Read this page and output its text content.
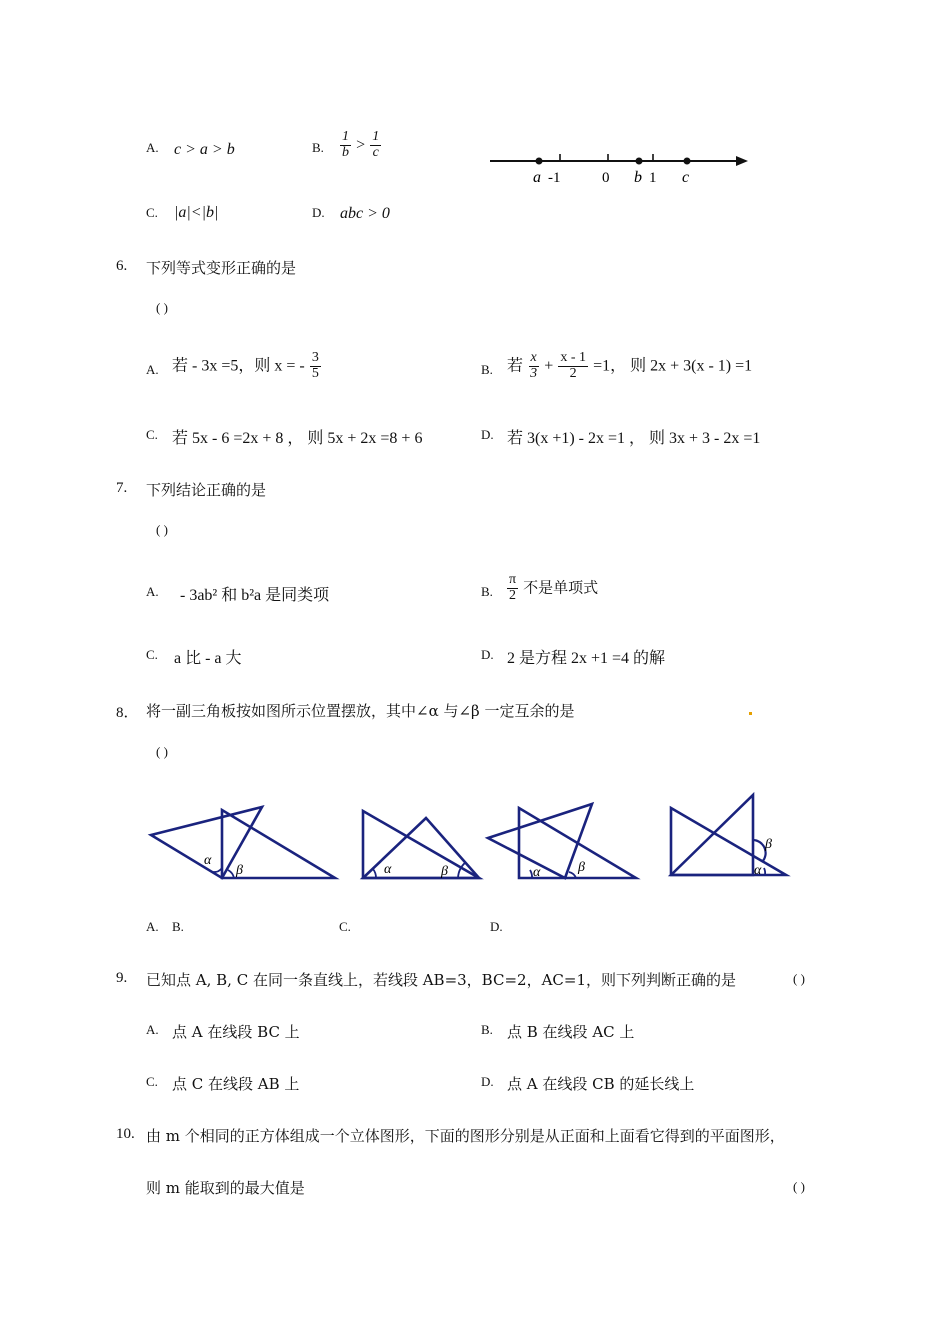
A. c > a > b	B. $\frac{1}{b} > \frac{1}{c}$
C. |a|<|b|	D. abc > 0
a -1	0 b 1 c
6. 下列等式变形正确的是
( )
A. 若 - 3x =5，则 x = - $\frac{3}{5}$	B. 若 $\frac{x}{3} + \frac{x - 1}{2} =1$， 则 2x + 3(x - 1) =1
C. 若 5x - 6 =2x + 8 ， 则 5x + 2x =8 + 6	D. 若 3(x +1) - 2x =1 ， 则 3x + 3 - 2x =1
7. 下列结论正确的是
( )
A. - 3ab² 和 b²a 是同类项	B. $\frac{\pi}{2}$ 不是单项式
C. a 比 - a 大	D. 2 是方程 2x +1 =4 的解
8． 将一副三角板按如图所示位置摆放，其中∠α 与∠β 一定互余的是
( )
α
β	α	β	α	β
β
α
A. B.	C.	D.
9. 已知点 A, B, C 在同一条直线上，若线段 AB=3，BC=2，AC=1，则下列判断正确的是	( )
A. 点 A 在线段 BC 上	B. 点 B 在线段 AC 上
C. 点 C 在线段 AB 上	D. 点 A 在线段 CB 的延长线上
10. 由 m 个相同的正方体组成一个立体图形，下面的图形分别是从正面和上面看它得到的平面图形，
则 m 能取到的最大值是	( )
